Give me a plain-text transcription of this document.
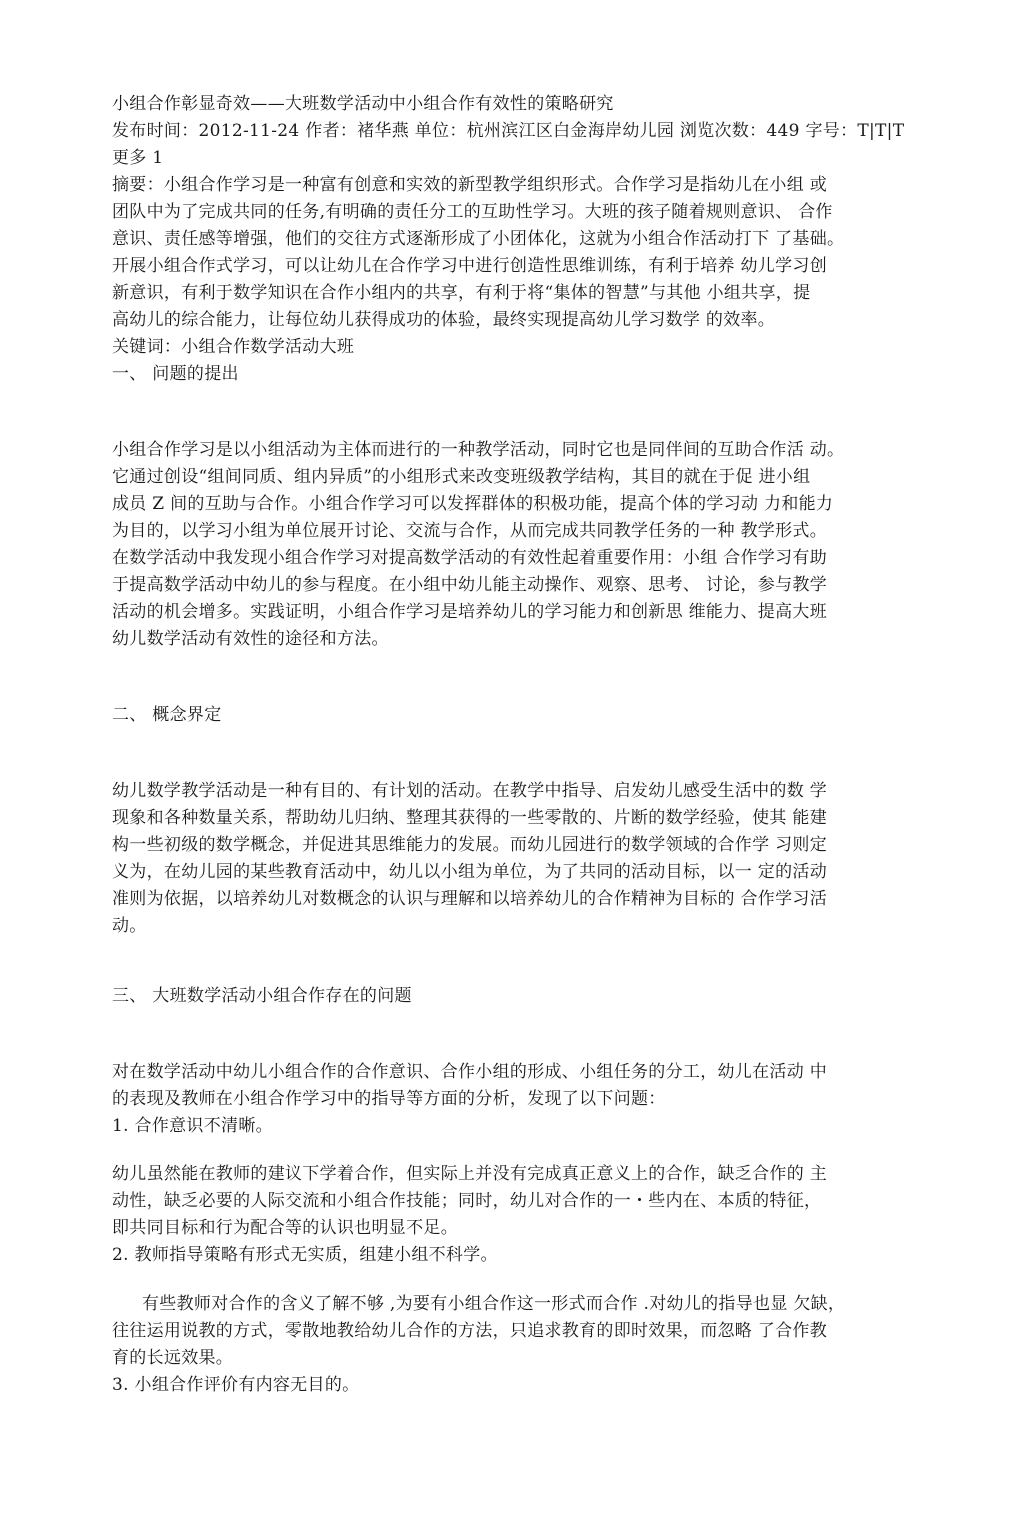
小组合作彰显奇效——大班数学活动中小组合作有效性的策略研究
发布时间：2012-11-24 作者：褚华燕 单位：杭州滨江区白金海岸幼儿园 浏览次数：449 字号：T|T|T
更多 1
摘要：小组合作学习是一种富有创意和实效的新型教学组织形式。合作学习是指幼儿在小组 或
团队中为了完成共同的任务,有明确的责任分工的互助性学习。大班的孩子随着规则意识、 合作
意识、责任感等增强，他们的交往方式逐渐形成了小团体化，这就为小组合作活动打下 了基础。
开展小组合作式学习，可以让幼儿在合作学习中进行创造性思维训练，有利于培养 幼儿学习创
新意识，有利于数学知识在合作小组内的共享，有利于将“集体的智慧”与其他 小组共享，提
高幼儿的综合能力，让每位幼儿获得成功的体验，最终实现提高幼儿学习数学 的效率。
关键词：小组合作数学活动大班
一、 问题的提出
小组合作学习是以小组活动为主体而进行的一种教学活动，同时它也是同伴间的互助合作活 动。
它通过创设“组间同质、组内异质”的小组形式来改变班级教学结构，其目的就在于促 进小组
成员 Z 间的互助与合作。小组合作学习可以发挥群体的积极功能，提高个体的学习动 力和能力
为目的，以学习小组为单位展开讨论、交流与合作，从而完成共同教学任务的一种 教学形式。
在数学活动中我发现小组合作学习对提高数学活动的有效性起着重要作用：小组 合作学习有助
于提高数学活动中幼儿的参与程度。在小组中幼儿能主动操作、观察、思考、 讨论，参与教学
活动的机会增多。实践证明，小组合作学习是培养幼儿的学习能力和创新思 维能力、提高大班
幼儿数学活动有效性的途径和方法。
二、 概念界定
幼儿数学教学活动是一种有目的、有计划的活动。在教学中指导、启发幼儿感受生活中的数 学
现象和各种数量关系，帮助幼儿归纳、整理其获得的一些零散的、片断的数学经验，使其 能建
构一些初级的数学概念，并促进其思维能力的发展。而幼儿园进行的数学领域的合作学 习则定
义为，在幼儿园的某些教育活动中，幼儿以小组为单位，为了共同的活动目标，以一 定的活动
准则为依据，以培养幼儿对数概念的认识与理解和以培养幼儿的合作精神为目标的 合作学习活
动。
三、 大班数学活动小组合作存在的问题
对在数学活动中幼儿小组合作的合作意识、合作小组的形成、小组任务的分工，幼儿在活动 中
的表现及教师在小组合作学习中的指导等方面的分析，发现了以下问题：
1. 合作意识不清晰。
幼儿虽然能在教师的建议下学着合作，但实际上并没有完成真正意义上的合作，缺乏合作的 主
动性，缺乏必要的人际交流和小组合作技能；同时，幼儿对合作的一・些内在、本质的特征，
即共同目标和行为配合等的认识也明显不足。
2. 教师指导策略有形式无实质，组建小组不科学。
有些教师对合作的含义了解不够 ,为要有小组合作这一形式而合作 .对幼儿的指导也显 欠缺，
往往运用说教的方式，零散地教给幼儿合作的方法，只追求教育的即时效果，而忽略 了合作教
育的长远效果。
3. 小组合作评价有内容无目的。
